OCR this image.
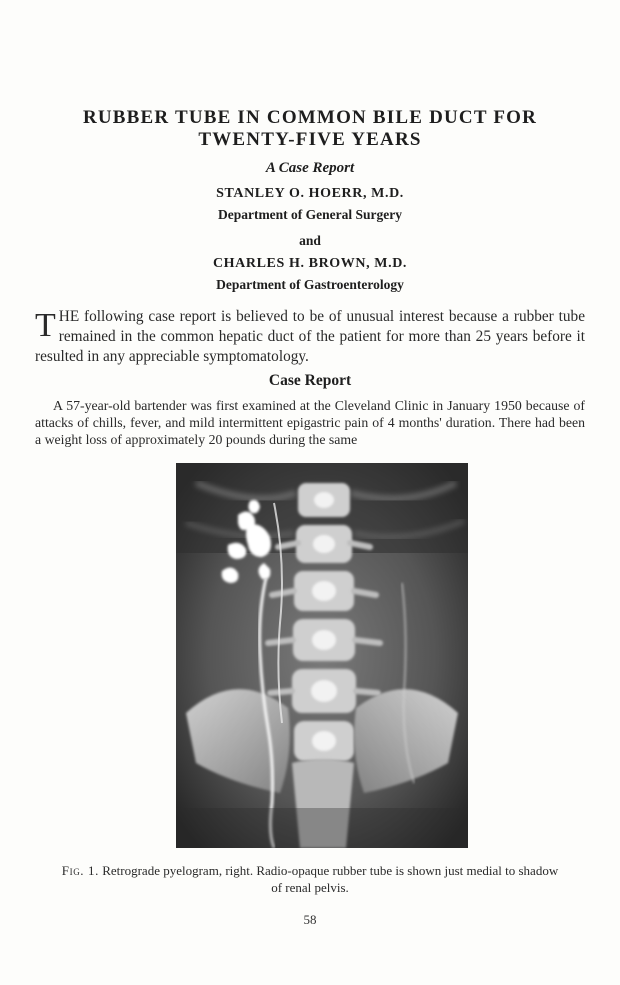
RUBBER TUBE IN COMMON BILE DUCT FOR
TWENTY-FIVE YEARS
A Case Report
STANLEY O. HOERR, M.D.
Department of General Surgery
and
CHARLES H. BROWN, M.D.
Department of Gastroenterology
T HE following case report is believed to be of unusual interest because a rubber tube remained in the common hepatic duct of the patient for more than 25 years before it resulted in any appreciable symptomatology.
Case Report
A 57-year-old bartender was first examined at the Cleveland Clinic in January 1950 because of attacks of chills, fever, and mild intermittent epigastric pain of 4 months' duration. There had been a weight loss of approximately 20 pounds during the same
Fig. 1. Retrograde pyelogram, right. Radio-opaque rubber tube is shown just medial to shadow of renal pelvis.
58
